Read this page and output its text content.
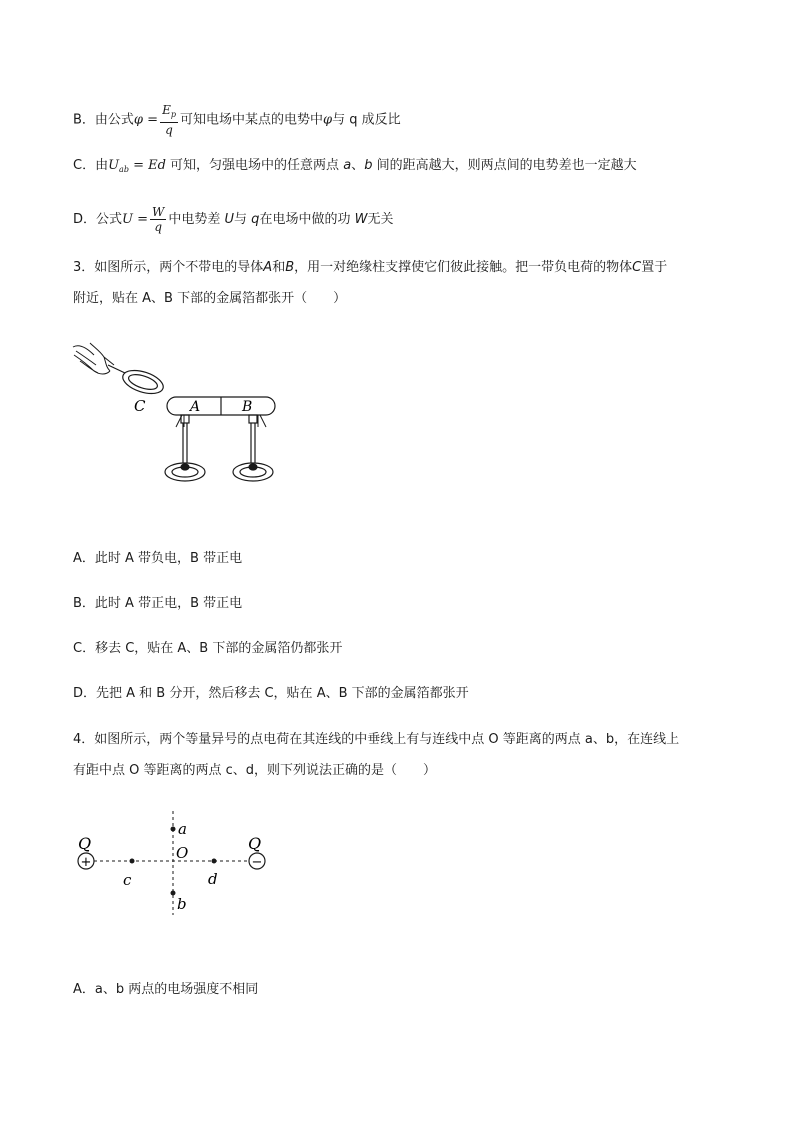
B．由公式$\varphi = \frac{E_p}{q}$ 可知电场中某点的电势中φ与 q 成反比
C．由$U_{ab} = Ed$ 可知，匀强电场中的任意两点 a、b 间的距高越大，则两点间的电势差也一定越大
D．公式$U = \frac{W}{q}$ 中电势差 U与 q在电场中做的功 W无关
3．如图所示，两个不带电的导体A和B，用一对绝缘柱支撑使它们彼此接触。把一带负电荷的物体C置于
附近，贴在 A、B 下部的金属箔都张开（　　）
C	A	B
A．此时 A 带负电，B 带正电
B．此时 A 带正电，B 带正电
C．移去 C，贴在 A、B 下部的金属箔仍都张开
D．先把 A 和 B 分开，然后移去 C，贴在 A、B 下部的金属箔都张开
4．如图所示，两个等量异号的点电荷在其连线的中垂线上有与连线中点 O 等距离的两点 a、b，在连线上
有距中点 O 等距离的两点 c、d，则下列说法正确的是（　　）
+	−
Q	Q
a
O
c	d
b
A．a、b 两点的电场强度不相同
